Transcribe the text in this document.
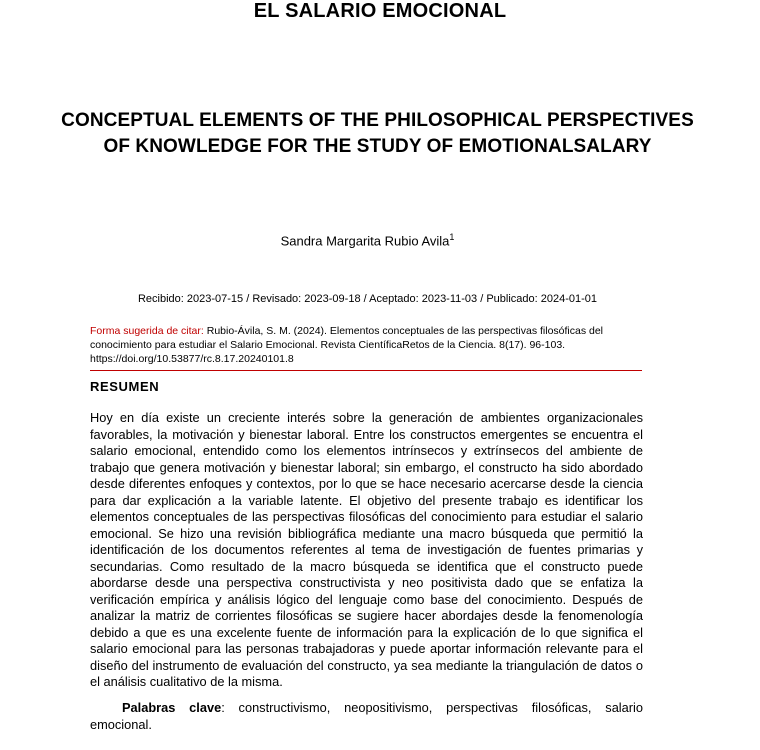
EL SALARIO EMOCIONAL
CONCEPTUAL ELEMENTS OF THE PHILOSOPHICAL PERSPECTIVES OF KNOWLEDGE FOR THE STUDY OF EMOTIONALSALARY

Sandra Margarita Rubio Avila$^1$

Recibido: 2023-07-15 / Revisado: 2023-09-18 / Aceptado: 2023-11-03 / Publicado: 2024-01-01

Forma sugerida de citar: Rubio-Ávila, S. M. (2024). Elementos conceptuales de las perspectivas filosóficas del conocimiento para estudiar el Salario Emocional. Revista CientíficaRetos de la Ciencia. 8(17). 96-103. https://doi.org/10.53877/rc.8.17.20240101.8

RESUMEN

Hoy en día existe un creciente interés sobre la generación de ambientes organizacionales favorables, la motivación y bienestar laboral. Entre los constructos emergentes se encuentra el salario emocional, entendido como los elementos intrínsecos y extrínsecos del ambiente de trabajo que genera motivación y bienestar laboral; sin embargo, el constructo ha sido abordado desde diferentes enfoques y contextos, por lo que se hace necesario acercarse desde la ciencia para dar explicación a la variable latente. El objetivo del presente trabajo es identificar los elementos conceptuales de las perspectivas filosóficas del conocimiento para estudiar el salario emocional. Se hizo una revisión bibliográfica mediante una macro búsqueda que permitió la identificación de los documentos referentes al tema de investigación de fuentes primarias y secundarias. Como resultado de la macro búsqueda se identifica que el constructo puede abordarse desde una perspectiva constructivista y neo positivista dado que se enfatiza la verificación empírica y análisis lógico del lenguaje como base del conocimiento. Después de analizar la matriz de corrientes filosóficas se sugiere hacer abordajes desde la fenomenología debido a que es una excelente fuente de información para la explicación de lo que significa el salario emocional para las personas trabajadoras y puede aportar información relevante para el diseño del instrumento de evaluación del constructo, ya sea mediante la triangulación de datos o el análisis cualitativo de la misma.

Palabras clave: constructivismo, neopositivismo, perspectivas filosóficas, salario emocional.
